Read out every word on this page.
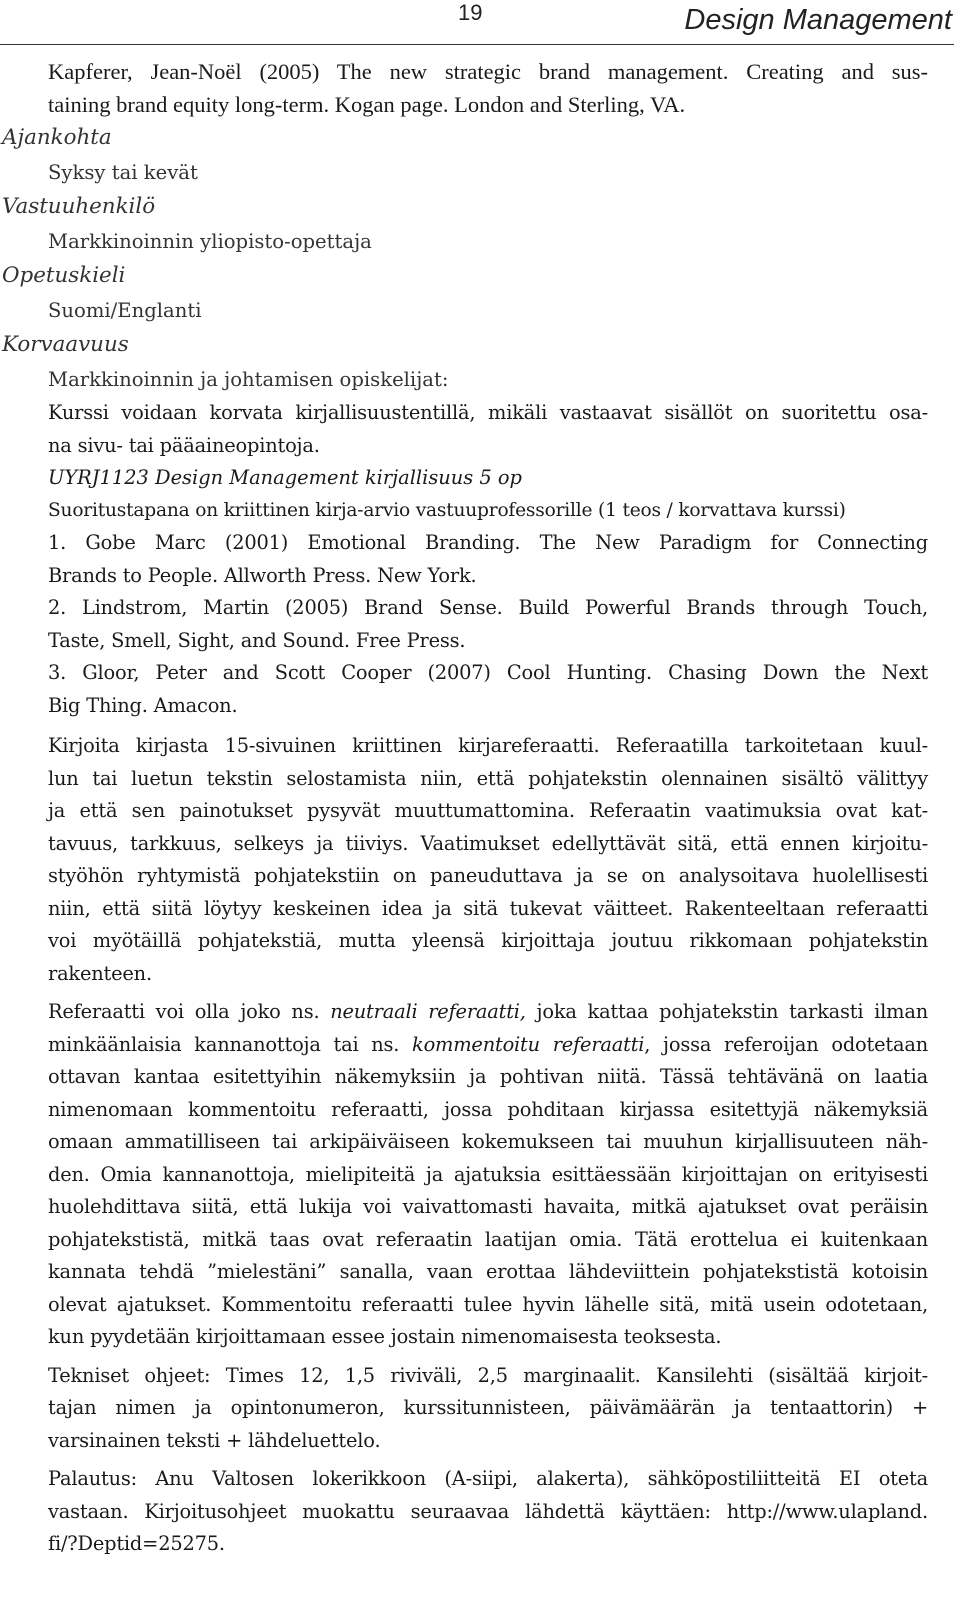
19	Design Management
Kapferer, Jean-Noël (2005) The new strategic brand management. Creating and sus-
taining brand equity long-term. Kogan page. London and Sterling, VA.
Ajankohta
Syksy tai kevät
Vastuuhenkilö
Markkinoinnin yliopisto-opettaja
Opetuskieli
Suomi/Englanti
Korvaavuus
Markkinoinnin ja johtamisen opiskelijat:
Kurssi voidaan korvata kirjallisuustentillä, mikäli vastaavat sisällöt on suoritettu osa-
na sivu- tai pääaineopintoja.
UYRJ1123 Design Management kirjallisuus 5 op
Suoritustapana on kriittinen kirja-arvio vastuuprofessorille (1 teos / korvattava kurssi)
1. Gobe Marc (2001) Emotional Branding. The New Paradigm for Connecting
Brands to People. Allworth Press. New York.
2. Lindstrom, Martin (2005) Brand Sense. Build Powerful Brands through Touch,
Taste, Smell, Sight, and Sound. Free Press.
3. Gloor, Peter and Scott Cooper (2007) Cool Hunting. Chasing Down the Next
Big Thing. Amacon.
Kirjoita kirjasta 15-sivuinen kriittinen kirjareferaatti. Referaatilla tarkoitetaan kuul-
lun tai luetun tekstin selostamista niin, että pohjatekstin olennainen sisältö välittyy
ja että sen painotukset pysyvät muuttumattomina. Referaatin vaatimuksia ovat kat-
tavuus, tarkkuus, selkeys ja tiiviys. Vaatimukset edellyttävät sitä, että ennen kirjoitu-
styöhön ryhtymistä pohjatekstiin on paneuduttava ja se on analysoitava huolellisesti
niin, että siitä löytyy keskeinen idea ja sitä tukevat väitteet. Rakenteeltaan referaatti
voi myötäillä pohjatekstiä, mutta yleensä kirjoittaja joutuu rikkomaan pohjatekstin
rakenteen.
Referaatti voi olla joko ns. neutraali referaatti, joka kattaa pohjatekstin tarkasti ilman
minkäänlaisia kannanottoja tai ns. kommentoitu referaatti, jossa referoijan odotetaan
ottavan kantaa esitettyihin näkemyksiin ja pohtivan niitä. Tässä tehtävänä on laatia
nimenomaan kommentoitu referaatti, jossa pohditaan kirjassa esitettyjä näkemyksiä
omaan ammatilliseen tai arkipäiväiseen kokemukseen tai muuhun kirjallisuuteen näh-
den. Omia kannanottoja, mielipiteitä ja ajatuksia esittäessään kirjoittajan on erityisesti
huolehdittava siitä, että lukija voi vaivattomasti havaita, mitkä ajatukset ovat peräisin
pohjatekstistä, mitkä taas ovat referaatin laatijan omia. Tätä erottelua ei kuitenkaan
kannata tehdä ”mielestäni” sanalla, vaan erottaa lähdeviittein pohjatekstistä kotoisin
olevat ajatukset. Kommentoitu referaatti tulee hyvin lähelle sitä, mitä usein odotetaan,
kun pyydetään kirjoittamaan essee jostain nimenomaisesta teoksesta.
Tekniset ohjeet: Times 12, 1,5 riviväli, 2,5 marginaalit. Kansilehti (sisältää kirjoit-
tajan nimen ja opintonumeron, kurssitunnisteen, päivämäärän ja tentaattorin) +
varsinainen teksti + lähdeluettelo.
Palautus: Anu Valtosen lokerikkoon (A-siipi, alakerta), sähköpostiliitteitä EI oteta
vastaan. Kirjoitusohjeet muokattu seuraavaa lähdettä käyttäen: http://www.ulapland.
fi/?Deptid=25275.
